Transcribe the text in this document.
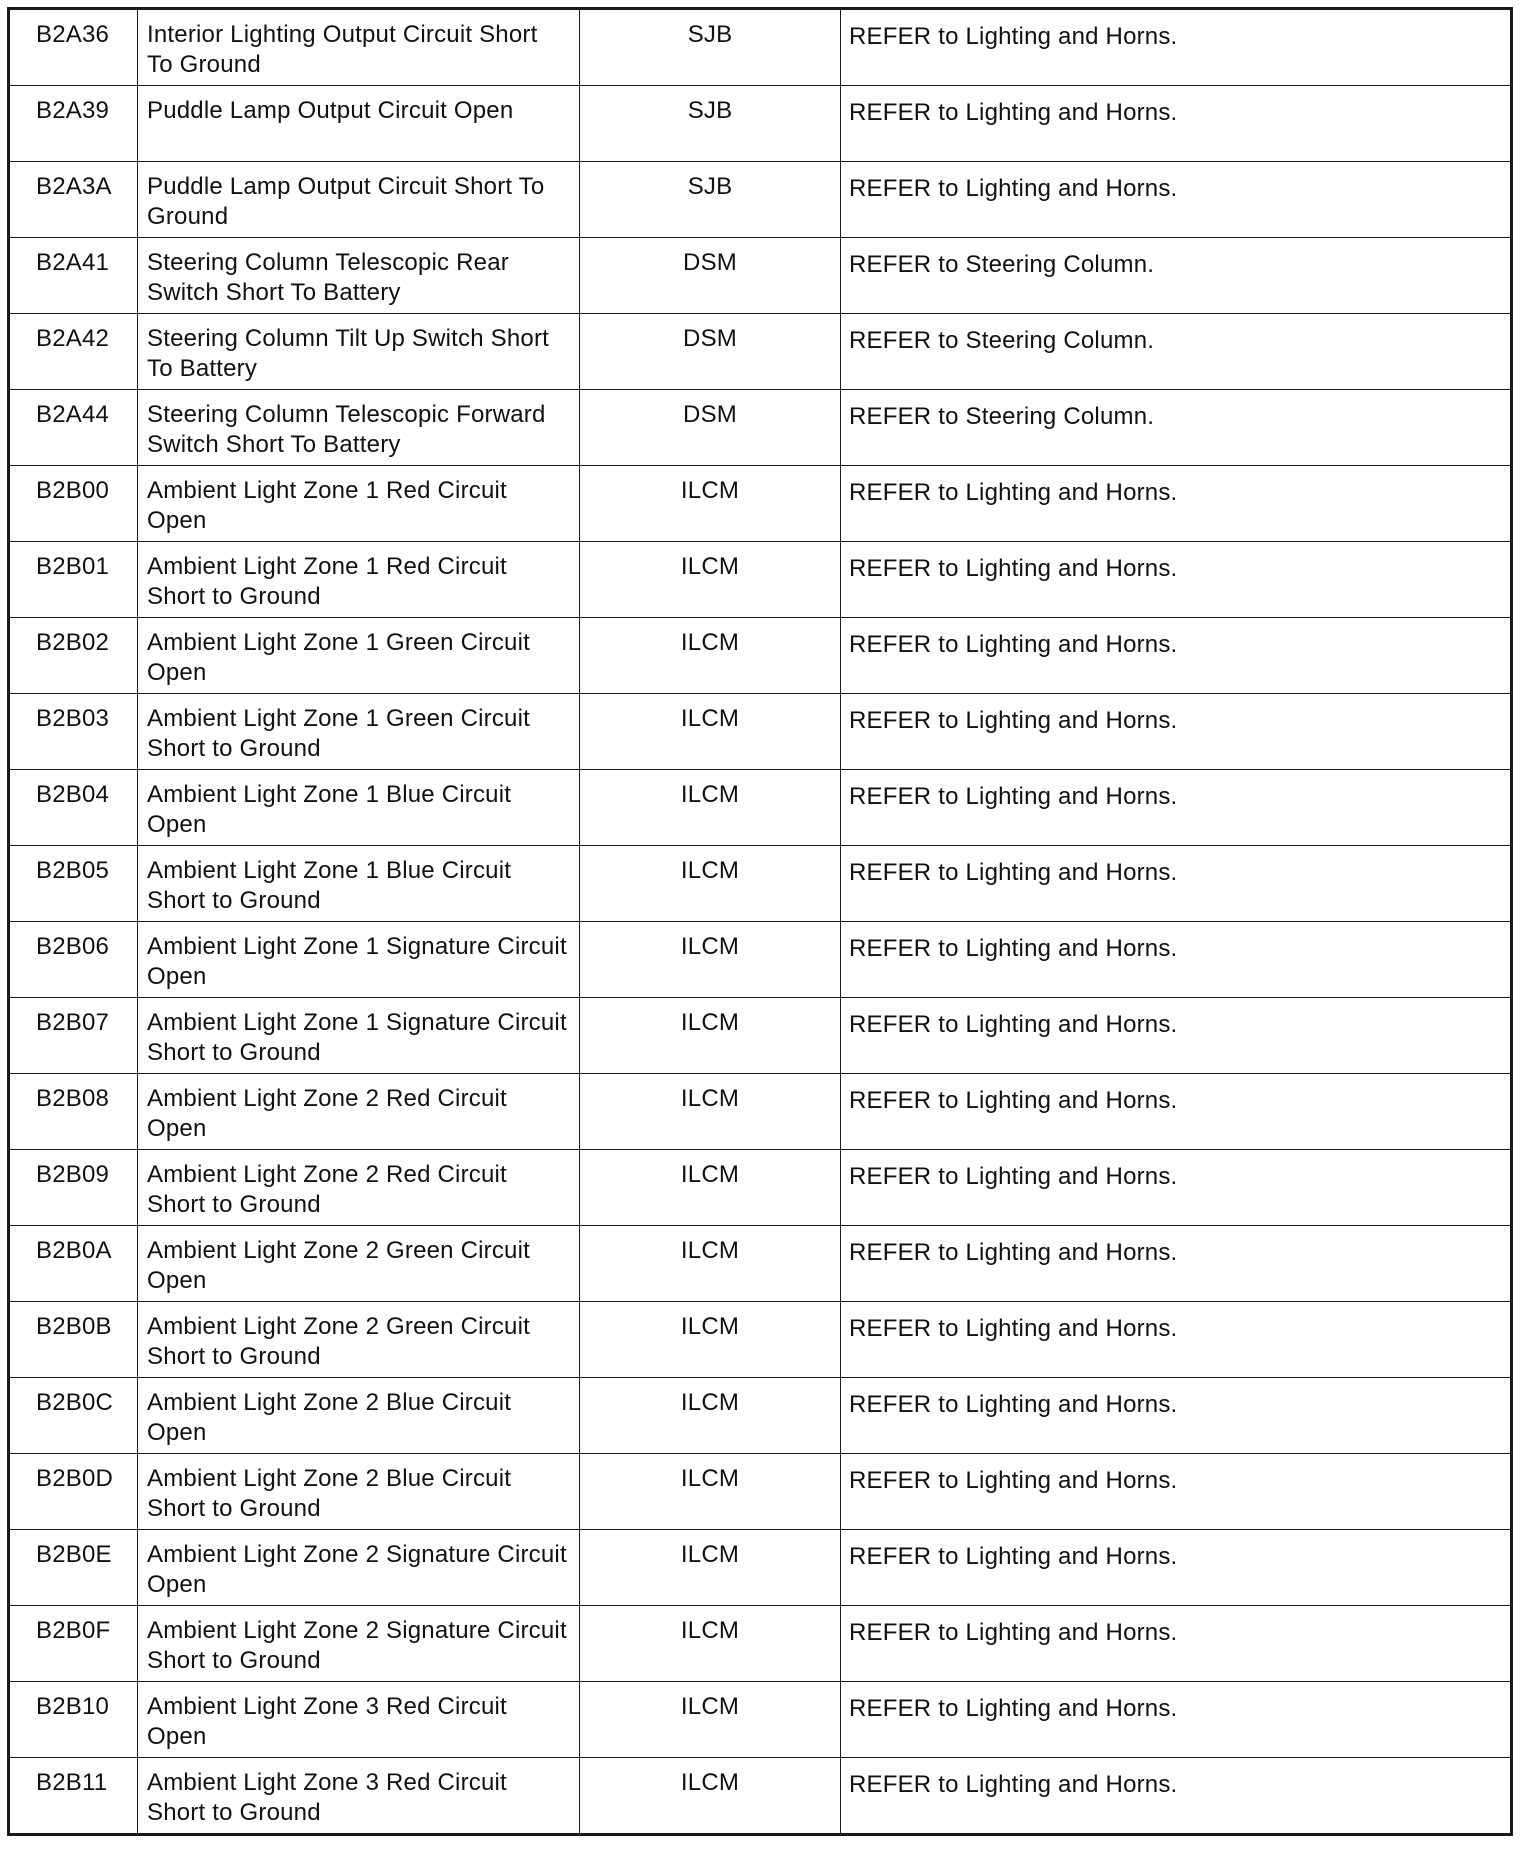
B2A36	Interior Lighting Output Circuit Short To Ground	SJB	REFER to Lighting and Horns.

B2A39	Puddle Lamp Output Circuit Open	SJB	REFER to Lighting and Horns.

B2A3A	Puddle Lamp Output Circuit Short To Ground	SJB	REFER to Lighting and Horns.

B2A41	Steering Column Telescopic Rear Switch Short To Battery	DSM	REFER to Steering Column.

B2A42	Steering Column Tilt Up Switch Short To Battery	DSM	REFER to Steering Column.

B2A44	Steering Column Telescopic Forward Switch Short To Battery	DSM	REFER to Steering Column.

B2B00	Ambient Light Zone 1 Red Circuit Open	ILCM	REFER to Lighting and Horns.

B2B01	Ambient Light Zone 1 Red Circuit Short to Ground	ILCM	REFER to Lighting and Horns.

B2B02	Ambient Light Zone 1 Green Circuit Open	ILCM	REFER to Lighting and Horns.

B2B03	Ambient Light Zone 1 Green Circuit Short to Ground	ILCM	REFER to Lighting and Horns.

B2B04	Ambient Light Zone 1 Blue Circuit Open	ILCM	REFER to Lighting and Horns.

B2B05	Ambient Light Zone 1 Blue Circuit Short to Ground	ILCM	REFER to Lighting and Horns.

B2B06	Ambient Light Zone 1 Signature Circuit Open	ILCM	REFER to Lighting and Horns.

B2B07	Ambient Light Zone 1 Signature Circuit Short to Ground	ILCM	REFER to Lighting and Horns.

B2B08	Ambient Light Zone 2 Red Circuit Open	ILCM	REFER to Lighting and Horns.

B2B09	Ambient Light Zone 2 Red Circuit Short to Ground	ILCM	REFER to Lighting and Horns.

B2B0A	Ambient Light Zone 2 Green Circuit Open	ILCM	REFER to Lighting and Horns.

B2B0B	Ambient Light Zone 2 Green Circuit Short to Ground	ILCM	REFER to Lighting and Horns.

B2B0C	Ambient Light Zone 2 Blue Circuit Open	ILCM	REFER to Lighting and Horns.

B2B0D	Ambient Light Zone 2 Blue Circuit Short to Ground	ILCM	REFER to Lighting and Horns.

B2B0E	Ambient Light Zone 2 Signature Circuit Open	ILCM	REFER to Lighting and Horns.

B2B0F	Ambient Light Zone 2 Signature Circuit Short to Ground	ILCM	REFER to Lighting and Horns.

B2B10	Ambient Light Zone 3 Red Circuit Open	ILCM	REFER to Lighting and Horns.

B2B11	Ambient Light Zone 3 Red Circuit Short to Ground	ILCM	REFER to Lighting and Horns.
